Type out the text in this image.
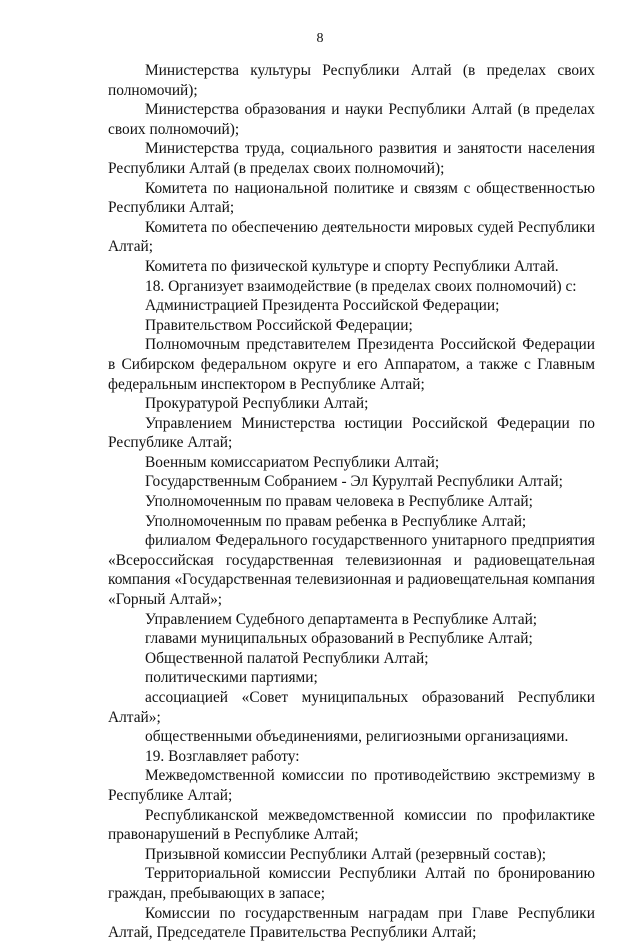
8

Министерства культуры Республики Алтай (в пределах своих полномочий);

Министерства образования и науки Республики Алтай (в пределах своих полномочий);

Министерства труда, социального развития и занятости населения Республики Алтай (в пределах своих полномочий);

Комитета по национальной политике и связям с общественностью Республики Алтай;

Комитета по обеспечению деятельности мировых судей Республики Алтай;

Комитета по физической культуре и спорту Республики Алтай.

18. Организует взаимодействие (в пределах своих полномочий) с:

Администрацией Президента Российской Федерации;

Правительством Российской Федерации;

Полномочным представителем Президента Российской Федерации в Сибирском федеральном округе и его Аппаратом, а также с Главным федеральным инспектором в Республике Алтай;

Прокуратурой Республики Алтай;

Управлением Министерства юстиции Российской Федерации по Республике Алтай;

Военным комиссариатом Республики Алтай;

Государственным Собранием - Эл Курултай Республики Алтай;

Уполномоченным по правам человека в Республике Алтай;

Уполномоченным по правам ребенка в Республике Алтай;

филиалом Федерального государственного унитарного предприятия «Всероссийская государственная телевизионная и радиовещательная компания «Государственная телевизионная и радиовещательная компания «Горный Алтай»;

Управлением Судебного департамента в Республике Алтай;

главами муниципальных образований в Республике Алтай;

Общественной палатой Республики Алтай;

политическими партиями;

ассоциацией «Совет муниципальных образований Республики Алтай»;

общественными объединениями, религиозными организациями.

19. Возглавляет работу:

Межведомственной комиссии по противодействию экстремизму в Республике Алтай;

Республиканской межведомственной комиссии по профилактике правонарушений в Республике Алтай;

Призывной комиссии Республики Алтай (резервный состав);

Территориальной комиссии Республики Алтай по бронированию граждан, пребывающих в запасе;

Комиссии по государственным наградам при Главе Республики Алтай, Председателе Правительства Республики Алтай;
